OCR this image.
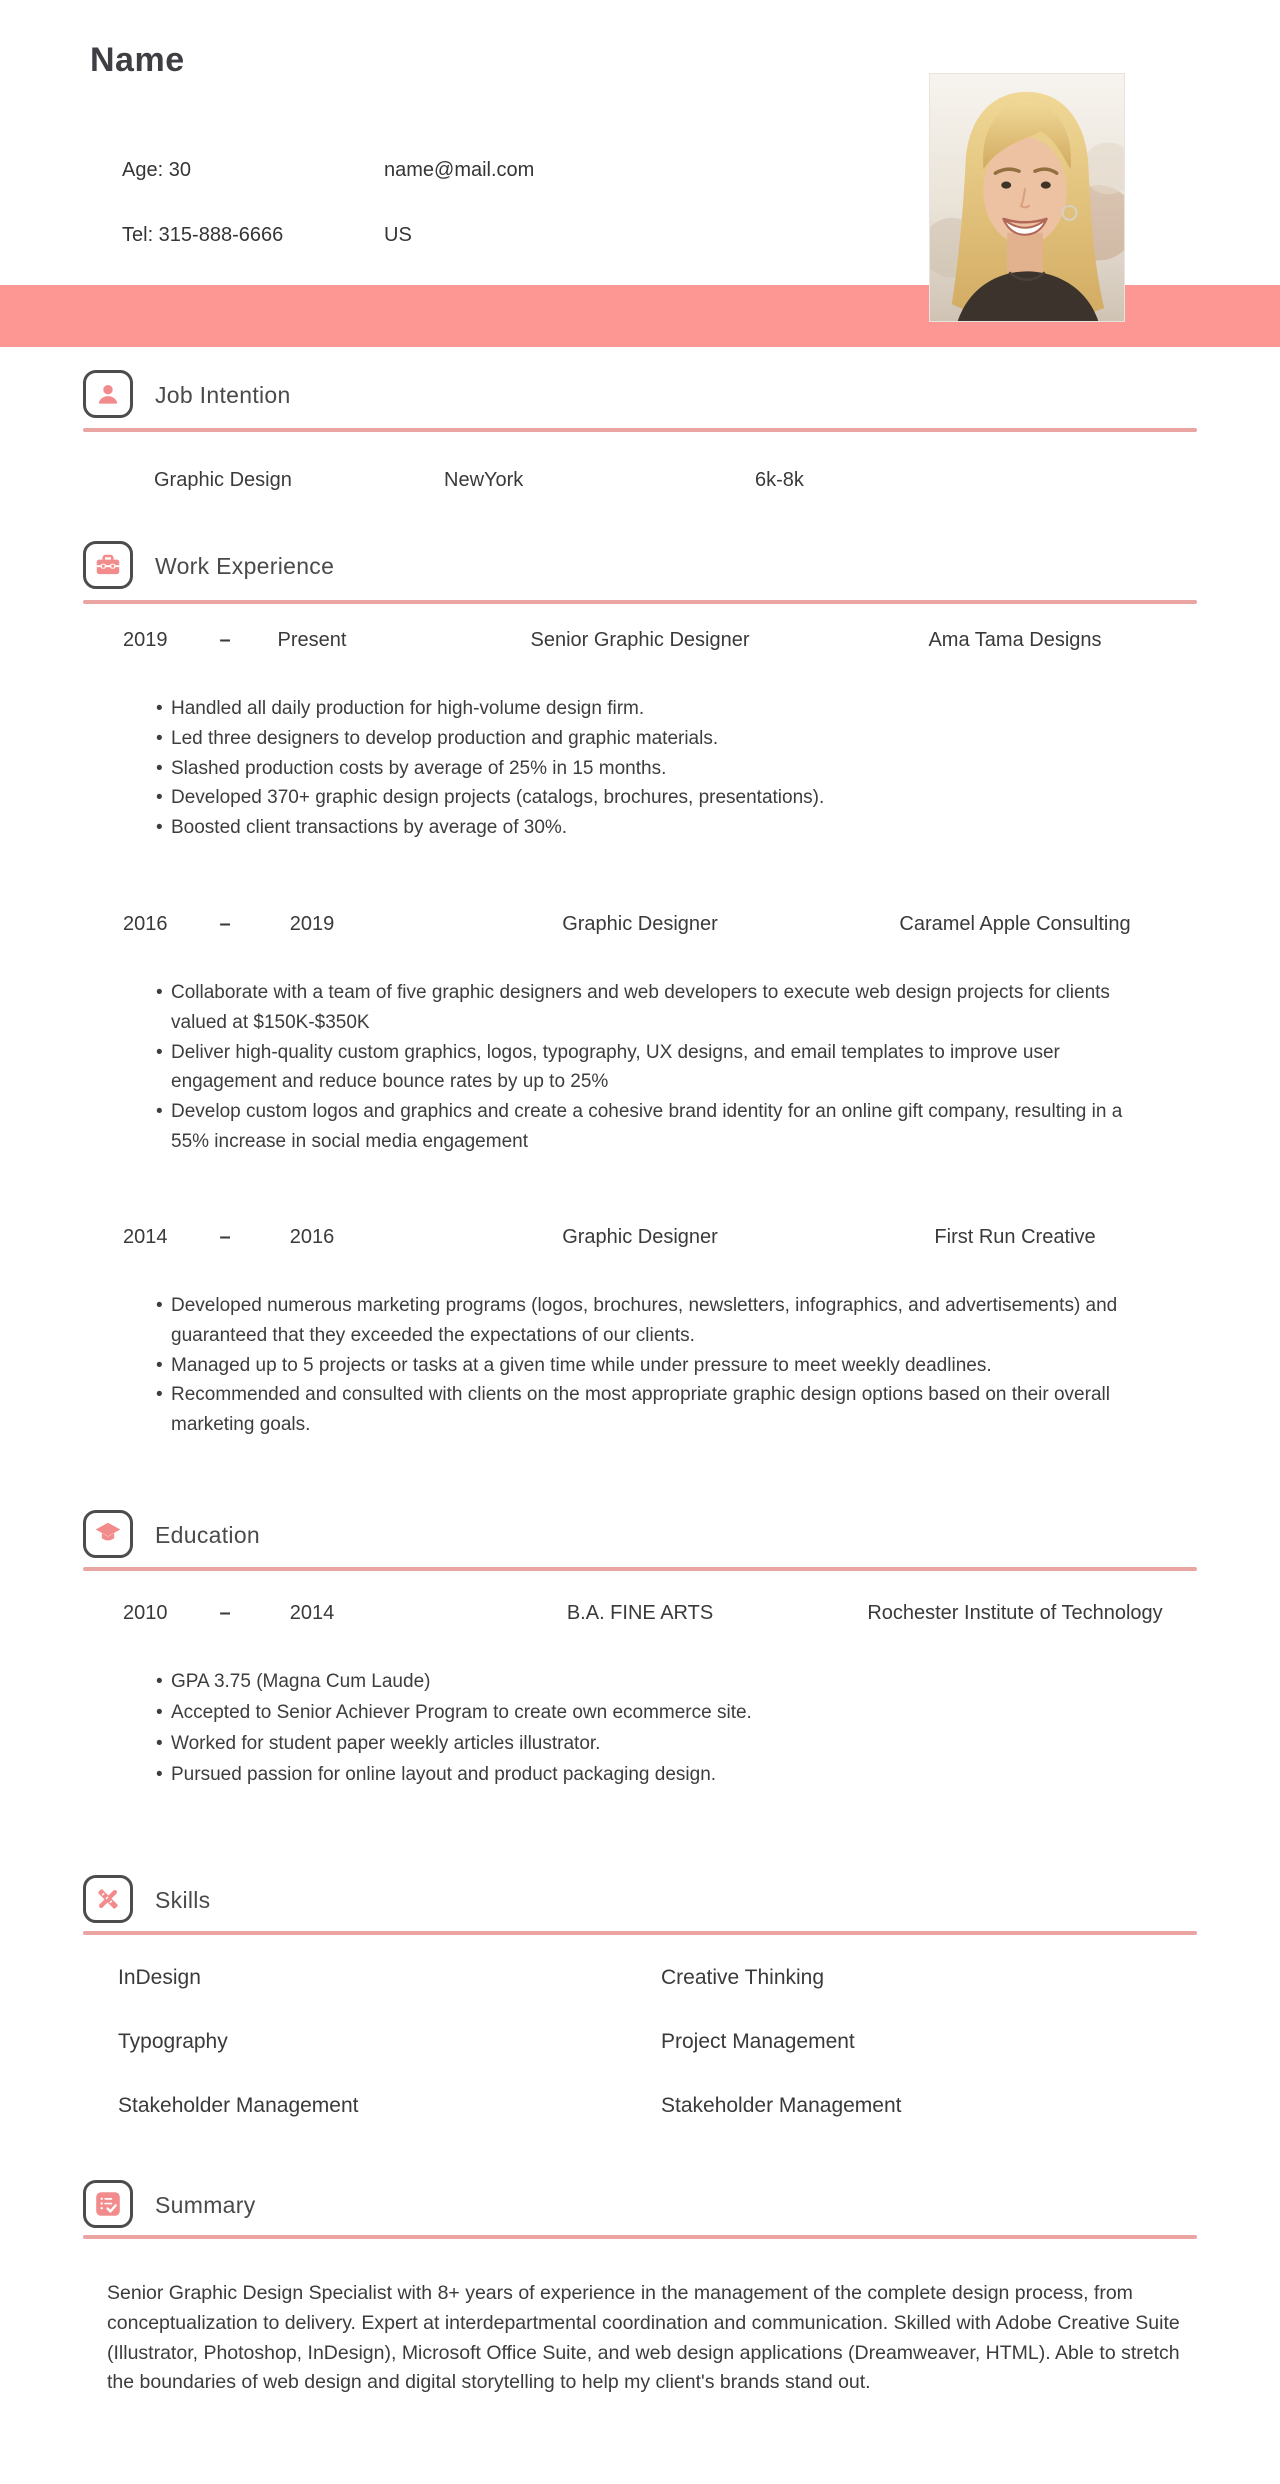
Name
Age: 30	name@mail.com
Tel: 315-888-6666	US
Job Intention
Graphic Design	NewYork	6k-8k
Work Experience
2019	–	Present	Senior Graphic Designer	Ama Tama Designs
• Handled all daily production for high-volume design firm.
• Led three designers to develop production and graphic materials.
• Slashed production costs by average of 25% in 15 months.
• Developed 370+ graphic design projects (catalogs, brochures, presentations).
• Boosted client transactions by average of 30%.
2016	–	2019	Graphic Designer	Caramel Apple Consulting
• Collaborate with a team of five graphic designers and web developers to execute web design projects for clients valued at $150K-$350K
• Deliver high-quality custom graphics, logos, typography, UX designs, and email templates to improve user engagement and reduce bounce rates by up to 25%
• Develop custom logos and graphics and create a cohesive brand identity for an online gift company, resulting in a 55% increase in social media engagement
2014	–	2016	Graphic Designer	First Run Creative
• Developed numerous marketing programs (logos, brochures, newsletters, infographics, and advertisements) and guaranteed that they exceeded the expectations of our clients.
• Managed up to 5 projects or tasks at a given time while under pressure to meet weekly deadlines.
• Recommended and consulted with clients on the most appropriate graphic design options based on their overall marketing goals.
Education
2010	–	2014	B.A. FINE ARTS	Rochester Institute of Technology
• GPA 3.75 (Magna Cum Laude)
• Accepted to Senior Achiever Program to create own ecommerce site.
• Worked for student paper weekly articles illustrator.
• Pursued passion for online layout and product packaging design.
Skills
InDesign	Creative Thinking
Typography	Project Management
Stakeholder Management	Stakeholder Management
Summary

Senior Graphic Design Specialist with 8+ years of experience in the management of the complete design process, from conceptualization to delivery. Expert at interdepartmental coordination and communication. Skilled with Adobe Creative Suite (Illustrator, Photoshop, InDesign), Microsoft Office Suite, and web design applications (Dreamweaver, HTML). Able to stretch the boundaries of web design and digital storytelling to help my client's brands stand out.
